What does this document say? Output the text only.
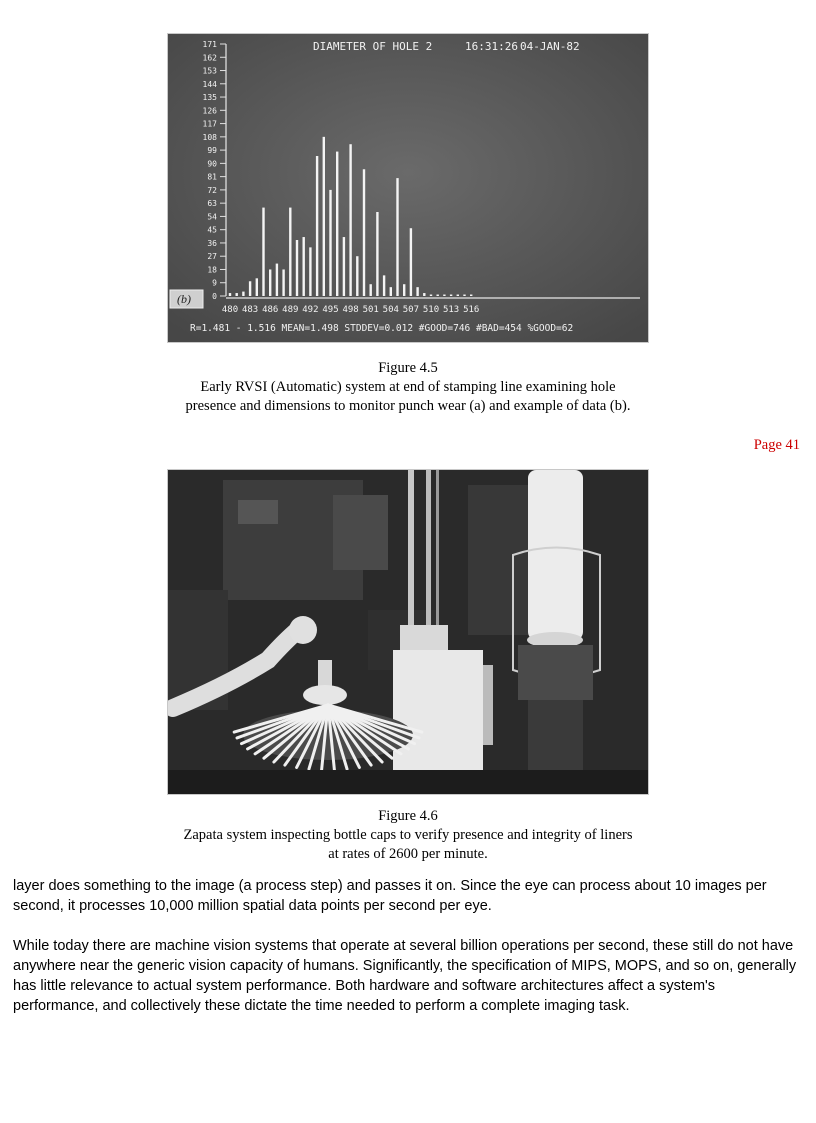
DIAMETER OF HOLE 2	16:31:26 04-JAN-82
0
9
18
27
36
45
54
63
72
81
90
99
108
117
126
135
144
153
162
171
480 483 486 489 492 495 498 501 504 507 510 513 516
(b)
R=1.481 - 1.516 MEAN=1.498 STDDEV=0.012 #GOOD=746 #BAD=454 %GOOD=62
Figure 4.5
Early RVSI (Automatic) system at end of stamping line examining hole
presence and dimensions to monitor punch wear (a) and example of data (b).
Page 41
Figure 4.6
Zapata system inspecting bottle caps to verify presence and integrity of liners
at rates of 2600 per minute.

layer does something to the image (a process step) and passes it on. Since the eye can process about 10 images per second, it processes 10,000 million spatial data points per second per eye.

While today there are machine vision systems that operate at several billion operations per second, these still do not have anywhere near the generic vision capacity of humans. Significantly, the specification of MIPS, MOPS, and so on, generally has little relevance to actual system performance. Both hardware and software architectures affect a system's performance, and collectively these dictate the time needed to perform a complete imaging task.
